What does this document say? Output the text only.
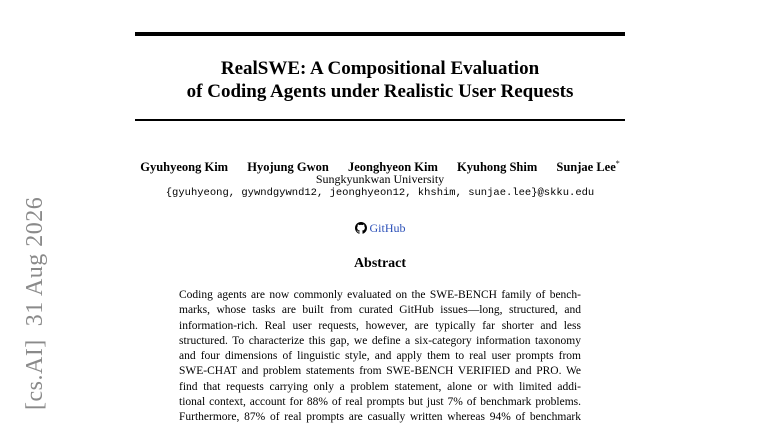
RealSWE: A Compositional Evaluation
of Coding Agents under Realistic User Requests
Gyuhyeong Kim Hyojung Gwon Jeonghyeon Kim Kyuhong Shim Sunjae Lee*
Sungkyunkwan University
{gyuhyeong, gywndgywnd12, jeonghyeon12, khshim, sunjae.lee}@skku.edu
GitHub
Abstract
Coding agents are now commonly evaluated on the SWE-BENCH family of bench-
marks, whose tasks are built from curated GitHub issues—long, structured, and
information-rich. Real user requests, however, are typically far shorter and less
structured. To characterize this gap, we define a six-category information taxonomy
and four dimensions of linguistic style, and apply them to real user prompts from
SWE-CHAT and problem statements from SWE-BENCH VERIFIED and PRO. We
find that requests carrying only a problem statement, alone or with limited addi-
tional context, account for 88% of real prompts but just 7% of benchmark problems.
Furthermore, 87% of real prompts are casually written whereas 94% of benchmark
[cs.AI]  31 Aug 2026
